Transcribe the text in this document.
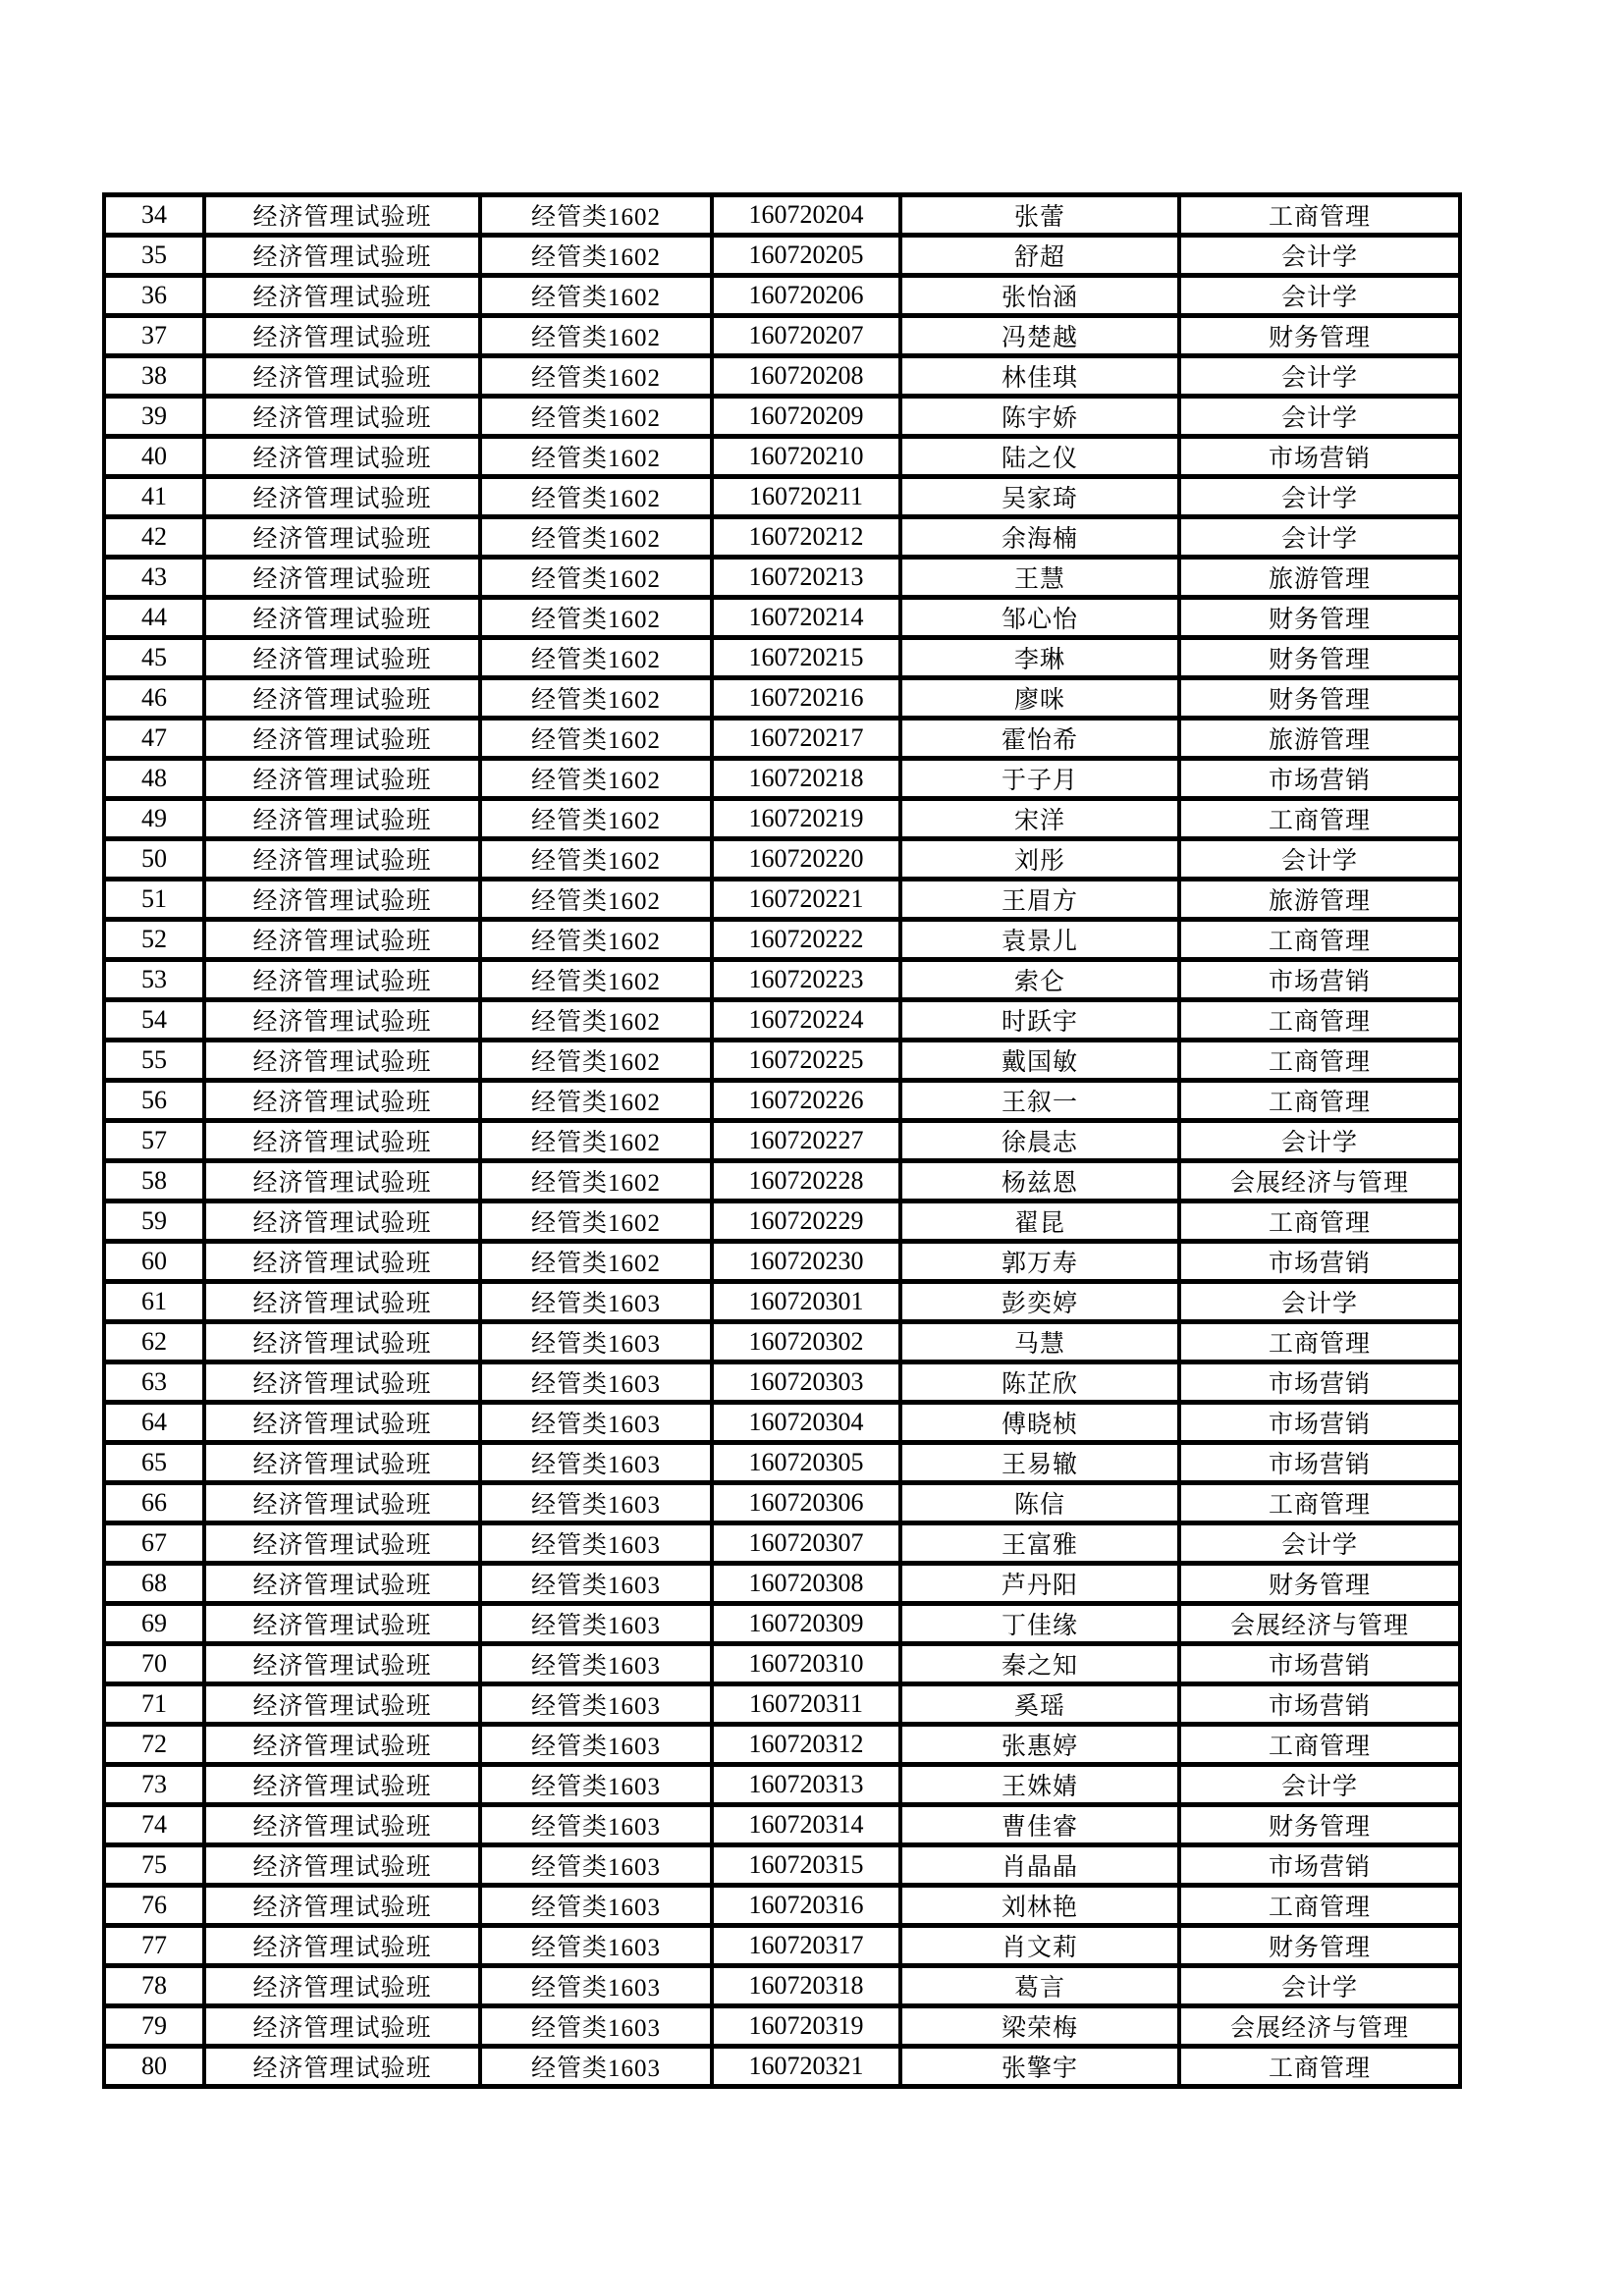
34	经济管理试验班	经管类1602	160720204	张蕾	工商管理
35	经济管理试验班	经管类1602	160720205	舒超	会计学
36	经济管理试验班	经管类1602	160720206	张怡涵	会计学
37	经济管理试验班	经管类1602	160720207	冯楚越	财务管理
38	经济管理试验班	经管类1602	160720208	林佳琪	会计学
39	经济管理试验班	经管类1602	160720209	陈宇娇	会计学
40	经济管理试验班	经管类1602	160720210	陆之仪	市场营销
41	经济管理试验班	经管类1602	160720211	吴家琦	会计学
42	经济管理试验班	经管类1602	160720212	余海楠	会计学
43	经济管理试验班	经管类1602	160720213	王慧	旅游管理
44	经济管理试验班	经管类1602	160720214	邹心怡	财务管理
45	经济管理试验班	经管类1602	160720215	李琳	财务管理
46	经济管理试验班	经管类1602	160720216	廖咪	财务管理
47	经济管理试验班	经管类1602	160720217	霍怡希	旅游管理
48	经济管理试验班	经管类1602	160720218	于子月	市场营销
49	经济管理试验班	经管类1602	160720219	宋洋	工商管理
50	经济管理试验班	经管类1602	160720220	刘彤	会计学
51	经济管理试验班	经管类1602	160720221	王眉方	旅游管理
52	经济管理试验班	经管类1602	160720222	袁景儿	工商管理
53	经济管理试验班	经管类1602	160720223	索仑	市场营销
54	经济管理试验班	经管类1602	160720224	时跃宇	工商管理
55	经济管理试验班	经管类1602	160720225	戴国敏	工商管理
56	经济管理试验班	经管类1602	160720226	王叙一	工商管理
57	经济管理试验班	经管类1602	160720227	徐晨志	会计学
58	经济管理试验班	经管类1602	160720228	杨兹恩	会展经济与管理
59	经济管理试验班	经管类1602	160720229	翟昆	工商管理
60	经济管理试验班	经管类1602	160720230	郭万寿	市场营销
61	经济管理试验班	经管类1603	160720301	彭奕婷	会计学
62	经济管理试验班	经管类1603	160720302	马慧	工商管理
63	经济管理试验班	经管类1603	160720303	陈芷欣	市场营销
64	经济管理试验班	经管类1603	160720304	傅晓桢	市场营销
65	经济管理试验班	经管类1603	160720305	王易辙	市场营销
66	经济管理试验班	经管类1603	160720306	陈信	工商管理
67	经济管理试验班	经管类1603	160720307	王富雅	会计学
68	经济管理试验班	经管类1603	160720308	芦丹阳	财务管理
69	经济管理试验班	经管类1603	160720309	丁佳缘	会展经济与管理
70	经济管理试验班	经管类1603	160720310	秦之知	市场营销
71	经济管理试验班	经管类1603	160720311	奚瑶	市场营销
72	经济管理试验班	经管类1603	160720312	张惠婷	工商管理
73	经济管理试验班	经管类1603	160720313	王姝婧	会计学
74	经济管理试验班	经管类1603	160720314	曹佳睿	财务管理
75	经济管理试验班	经管类1603	160720315	肖晶晶	市场营销
76	经济管理试验班	经管类1603	160720316	刘林艳	工商管理
77	经济管理试验班	经管类1603	160720317	肖文莉	财务管理
78	经济管理试验班	经管类1603	160720318	葛言	会计学
79	经济管理试验班	经管类1603	160720319	梁荣梅	会展经济与管理
80	经济管理试验班	经管类1603	160720321	张擎宇	工商管理
